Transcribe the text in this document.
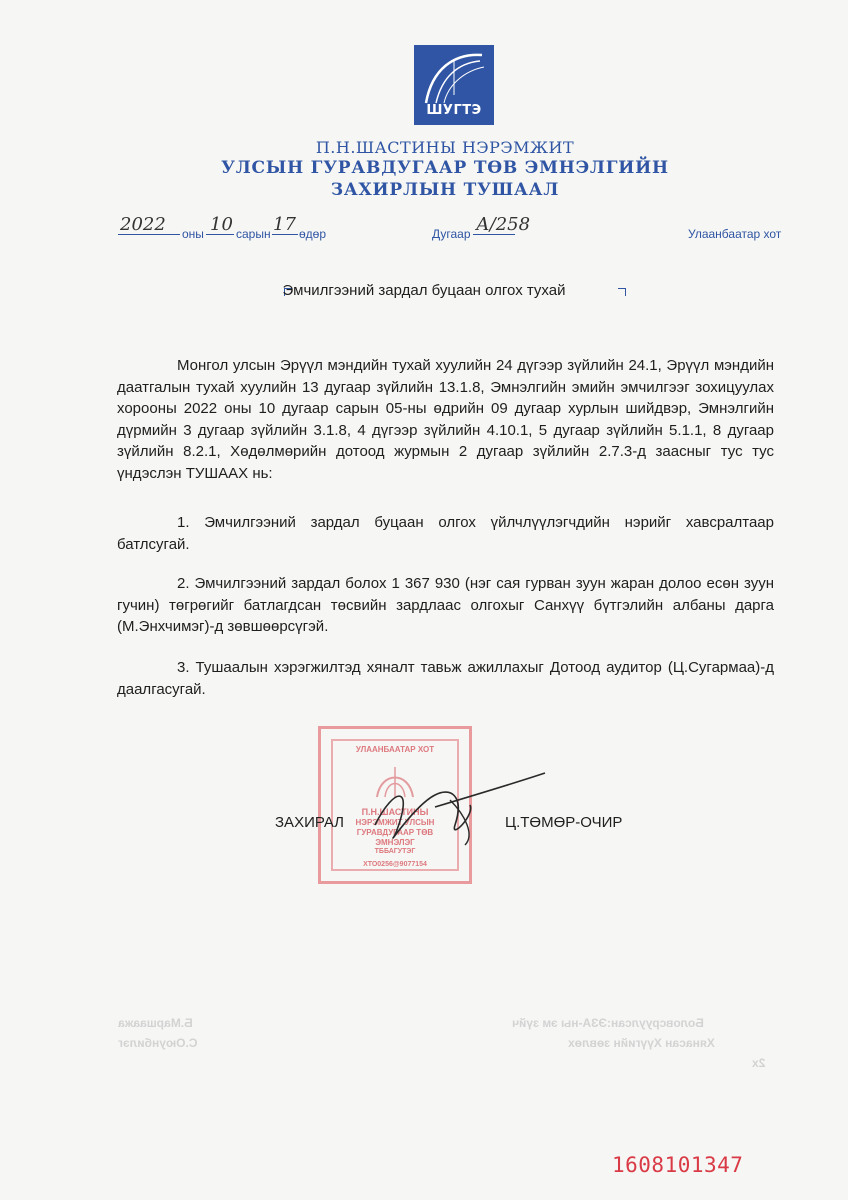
ШУГТЭ
П.Н.ШАСТИНЫ НЭРЭМЖИТ
УЛСЫН ГУРАВДУГААР ТӨВ ЭМНЭЛГИЙН
ЗАХИРЛЫН ТУШААЛ
2022 оны 10 сарын 17 өдөр	Дугаар А/258	Улаанбаатар хот
Эмчилгээний зардал буцаан олгох тухай

Монгол улсын Эрүүл мэндийн тухай хуулийн 24 дүгээр зүйлийн 24.1, Эрүүл мэндийн даатгалын тухай хуулийн 13 дугаар зүйлийн 13.1.8, Эмнэлгийн эмийн эмчилгээг зохицуулах хорооны 2022 оны 10 дугаар сарын 05-ны өдрийн 09 дугаар хурлын шийдвэр, Эмнэлгийн дүрмийн 3 дугаар зүйлийн 3.1.8, 4 дүгээр зүйлийн 4.10.1, 5 дугаар зүйлийн 5.1.1, 8 дугаар зүйлийн 8.2.1, Хөдөлмөрийн дотоод журмын 2 дугаар зүйлийн 2.7.3-д заасныг тус тус үндэслэн ТУШААХ нь:

1. Эмчилгээний зардал буцаан олгох үйлчлүүлэгчдийн нэрийг хавсралтаар батлсугай.

2. Эмчилгээний зардал болох 1 367 930 (нэг сая гурван зуун жаран долоо есөн зуун гучин) төгрөгийг батлагдсан төсвийн зардлаас олгохыг Санхүү бүтгэлийн албаны дарга (М.Энхчимэг)-д зөвшөөрсүгэй.

3. Тушаалын хэрэгжилтэд хяналт тавьж ажиллахыг Дотоод аудитор (Ц.Сугармаа)-д даалгасугай.

УЛААНБААТАР ХОТ
П.Н.ШАСТИНЫ
НЭРЭМЖИТ УЛСЫН
ГУРАВДУГААР ТӨВ
ЭМНЭЛЭГ
ТББАГУТЭГ
ХТО0256@9077154
ЗАХИРАЛ	Ц.ТӨМӨР-ОЧИР
Боловсруулсан:ЭЗА-ны эм зүйч
Хянасан Хүүгийн зөвлөх
2х
Б.Маршаажа
С.Оюунбилэг
1608101347
